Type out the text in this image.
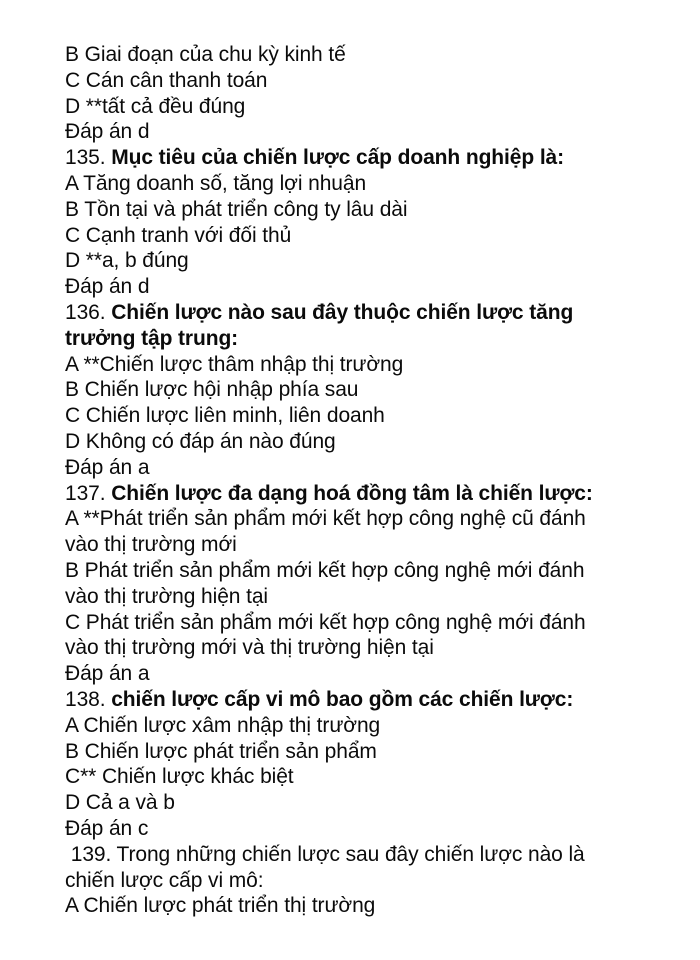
B Giai đoạn của chu kỳ kinh tế
C Cán cân thanh toán
D **tất cả đều đúng
Đáp án d
135. Mục tiêu của chiến lược cấp doanh nghiệp là:
A Tăng doanh số, tăng lợi nhuận
B Tồn tại và phát triển công ty lâu dài
C Cạnh tranh với đối thủ
D **a, b đúng
Đáp án d
136. Chiến lược nào sau đây thuộc chiến lược tăng
trưởng tập trung:
A **Chiến lược thâm nhập thị trường
B Chiến lược hội nhập phía sau
C Chiến lược liên minh, liên doanh
D Không có đáp án nào đúng
Đáp án a
137. Chiến lược đa dạng hoá đồng tâm là chiến lược:
A **Phát triển sản phẩm mới kết hợp công nghệ cũ đánh
vào thị trường mới
B Phát triển sản phẩm mới kết hợp công nghệ mới đánh
vào thị trường hiện tại
C Phát triển sản phẩm mới kết hợp công nghệ mới đánh
vào thị trường mới và thị trường hiện tại
Đáp án a
138. chiến lược cấp vi mô bao gồm các chiến lược:
A Chiến lược xâm nhập thị trường
B Chiến lược phát triển sản phẩm
C** Chiến lược khác biệt
D Cả a và b
Đáp án c
139. Trong những chiến lược sau đây chiến lược nào là
chiến lược cấp vi mô:
A Chiến lược phát triển thị trường
